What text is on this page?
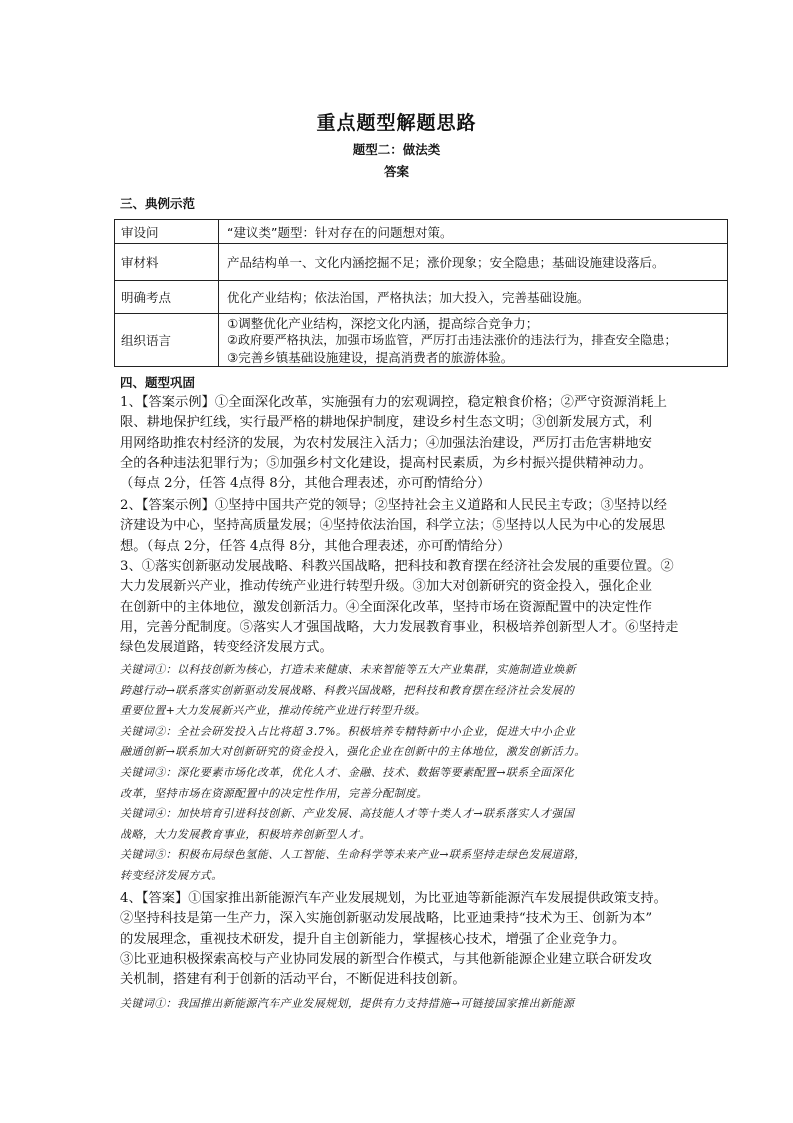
重点题型解题思路
题型二：做法类
答案
三、典例示范
审设问	“建议类”题型：针对存在的问题想对策。
审材料	产品结构单一、文化内涵挖掘不足；涨价现象；安全隐患；基础设施建设落后。
明确考点	优化产业结构；依法治国，严格执法；加大投入，完善基础设施。
组织语言	①调整优化产业结构，深挖文化内涵，提高综合竞争力；
②政府要严格执法，加强市场监管，严厉打击违法涨价的违法行为，排查安全隐患；
③完善乡镇基础设施建设，提高消费者的旅游体验。
四、题型巩固
1、【答案示例】①全面深化改革，实施强有力的宏观调控，稳定粮食价格；②严守资源消耗上
限、耕地保护红线，实行最严格的耕地保护制度，建设乡村生态文明；③创新发展方式，利
用网络助推农村经济的发展，为农村发展注入活力；④加强法治建设，严厉打击危害耕地安
全的各种违法犯罪行为；⑤加强乡村文化建设，提高村民素质，为乡村振兴提供精神动力。
（每点 2分，任答 4点得 8分，其他合理表述，亦可酌情给分）
2、【答案示例】①坚持中国共产党的领导；②坚持社会主义道路和人民民主专政；③坚持以经
济建设为中心，坚持高质量发展；④坚持依法治国，科学立法；⑤坚持以人民为中心的发展思
想。（每点 2分，任答 4点得 8分，其他合理表述，亦可酌情给分）
3、①落实创新驱动发展战略、科教兴国战略，把科技和教育摆在经济社会发展的重要位置。②
大力发展新兴产业，推动传统产业进行转型升级。③加大对创新研究的资金投入，强化企业
在创新中的主体地位，激发创新活力。④全面深化改革，坚持市场在资源配置中的决定性作
用，完善分配制度。⑤落实人才强国战略，大力发展教育事业，积极培养创新型人才。⑥坚持走
绿色发展道路，转变经济发展方式。
关键词①：以科技创新为核心，打造未来健康、未来智能等五大产业集群，实施制造业焕新
跨越行动→联系落实创新驱动发展战略、科教兴国战略，把科技和教育摆在经济社会发展的
重要位置+大力发展新兴产业，推动传统产业进行转型升级。
关键词②：全社会研发投入占比将超 3.7%。积极培养专精特新中小企业，促进大中小企业
融通创新→联系加大对创新研究的资金投入，强化企业在创新中的主体地位，激发创新活力。
关键词③：深化要素市场化改革，优化人才、金融、技术、数据等要素配置→联系全面深化
改革，坚持市场在资源配置中的决定性作用，完善分配制度。
关键词④：加快培育引进科技创新、产业发展、高技能人才等十类人才→联系落实人才强国
战略，大力发展教育事业，积极培养创新型人才。
关键词⑤：积极布局绿色氢能、人工智能、生命科学等未来产业→联系坚持走绿色发展道路，
转变经济发展方式。
4、【答案】①国家推出新能源汽车产业发展规划，为比亚迪等新能源汽车发展提供政策支持。
②坚持科技是第一生产力，深入实施创新驱动发展战略，比亚迪秉持“技术为王、创新为本”
的发展理念，重视技术研发，提升自主创新能力，掌握核心技术，增强了企业竞争力。
③比亚迪积极探索高校与产业协同发展的新型合作模式，与其他新能源企业建立联合研发攻
关机制，搭建有利于创新的活动平台，不断促进科技创新。
关键词①：我国推出新能源汽车产业发展规划，提供有力支持措施→可链接国家推出新能源
